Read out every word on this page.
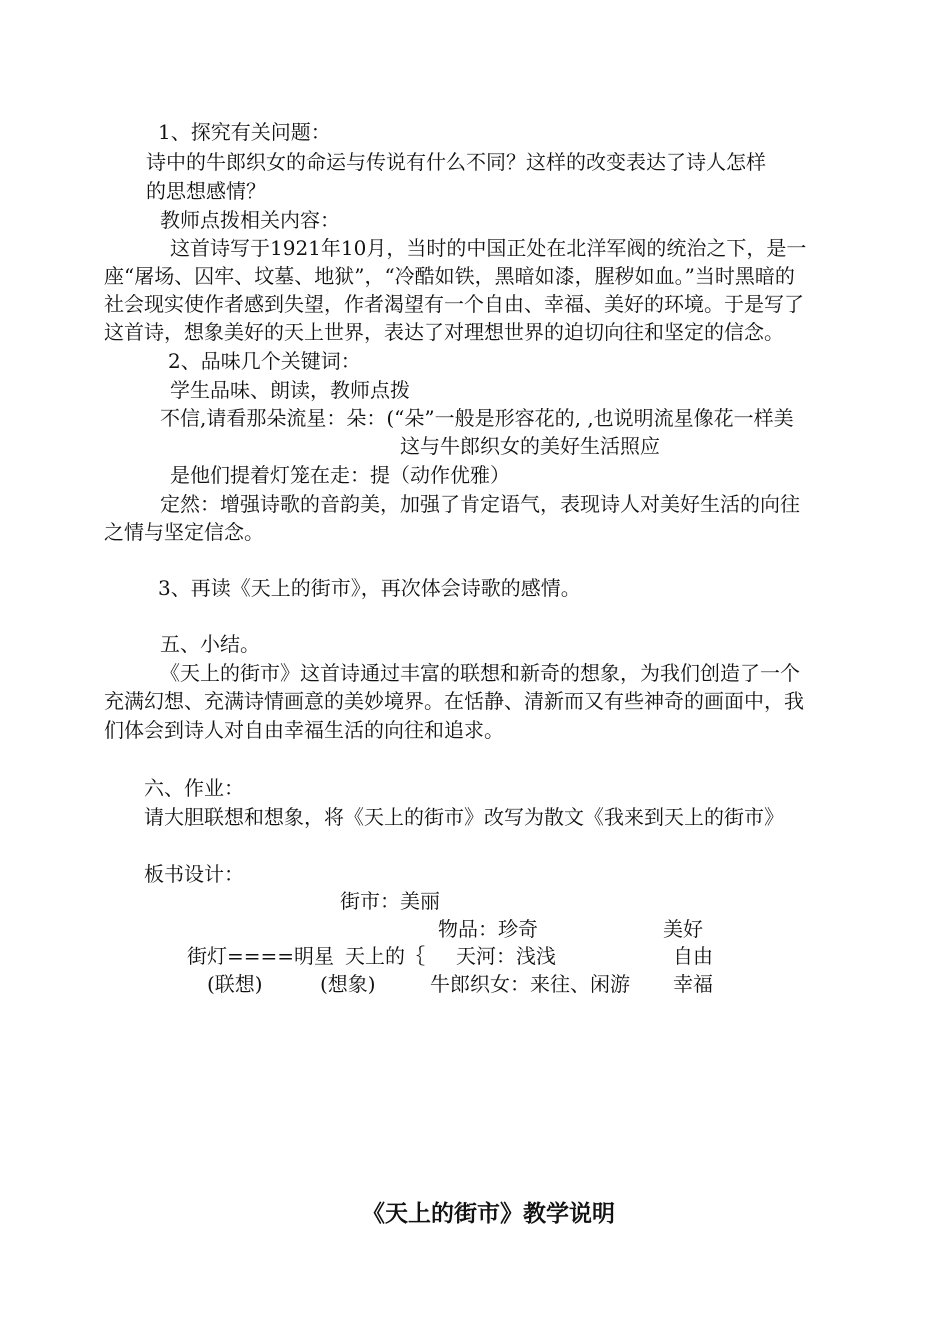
1、探究有关问题：

诗中的牛郎织女的命运与传说有什么不同？这样的改变表达了诗人怎样

的思想感情？

教师点拨相关内容：

这首诗写于1921年10月，当时的中国正处在北洋军阀的统治之下，是一

座“屠场、囚牢、坟墓、地狱”，“冷酷如铁，黑暗如漆，腥秽如血。”当时黑暗的

社会现实使作者感到失望，作者渴望有一个自由、幸福、美好的环境。于是写了

这首诗，想象美好的天上世界，表达了对理想世界的迫切向往和坚定的信念。

2、品味几个关键词：

学生品味、朗读，教师点拨

不信,请看那朵流星：朵：(“朵”一般是形容花的, ,也说明流星像花一样美

这与牛郎织女的美好生活照应

是他们提着灯笼在走：提（动作优雅）

定然：增强诗歌的音韵美，加强了肯定语气，表现诗人对美好生活的向往

之情与坚定信念。

3、再读《天上的街市》，再次体会诗歌的感情。

五、小结。

《天上的街市》这首诗通过丰富的联想和新奇的想象，为我们创造了一个

充满幻想、充满诗情画意的美妙境界。在恬静、清新而又有些神奇的画面中，我

们体会到诗人对自由幸福生活的向往和追求。

六、作业：

请大胆联想和想象，将《天上的街市》改写为散文《我来到天上的街市》

板书设计：

街市：美丽

物品：珍奇	美好

街灯====明星 天上的｛ 天河：浅浅	自由

(联想)	(想象)	牛郎织女：来往、闲游 幸福

《天上的街市》教学说明
